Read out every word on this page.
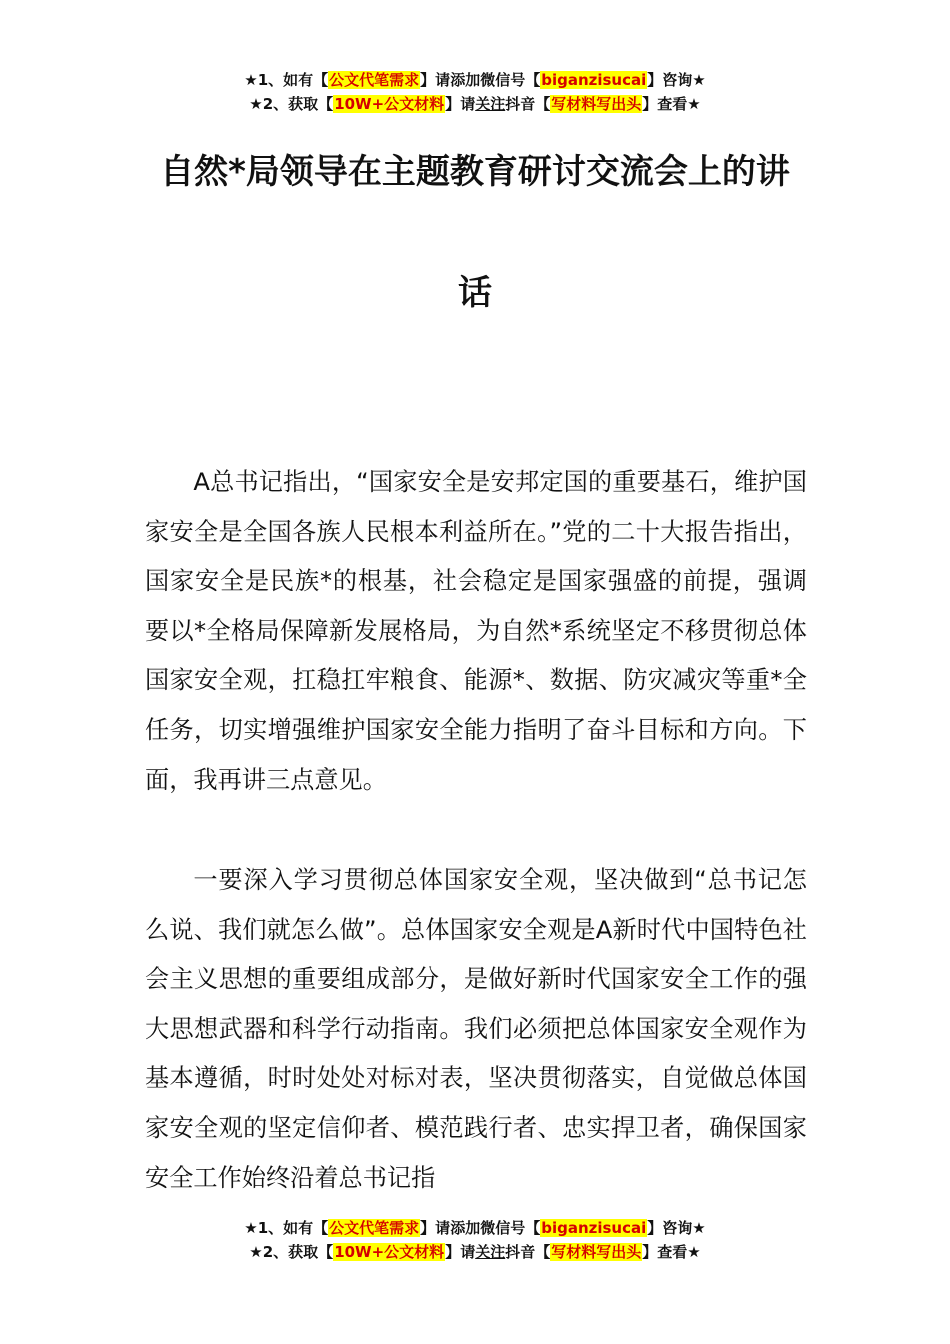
★1、如有【公文代笔需求】请添加微信号【biganzisucai】咨询★
★2、获取【10W+公文材料】请关注抖音【写材料写出头】查看★
自然*局领导在主题教育研讨交流会上的讲
话

A总书记指出，“国家安全是安邦定国的重要基石，维护国家安全是全国各族人民根本利益所在。”党的二十大报告指出，国家安全是民族*的根基，社会稳定是国家强盛的前提，强调要以*全格局保障新发展格局，为自然*系统坚定不移贯彻总体国家安全观，扛稳扛牢粮食、能源*、数据、防灾减灾等重*全任务，切实增强维护国家安全能力指明了奋斗目标和方向。下面，我再讲三点意见。

一要深入学习贯彻总体国家安全观，坚决做到“总书记怎么说、我们就怎么做”。总体国家安全观是A新时代中国特色社会主义思想的重要组成部分，是做好新时代国家安全工作的强大思想武器和科学行动指南。我们必须把总体国家安全观作为基本遵循，时时处处对标对表，坚决贯彻落实，自觉做总体国家安全观的坚定信仰者、模范践行者、忠实捍卫者，确保国家安全工作始终沿着总书记指

★1、如有【公文代笔需求】请添加微信号【biganzisucai】咨询★
★2、获取【10W+公文材料】请关注抖音【写材料写出头】查看★
